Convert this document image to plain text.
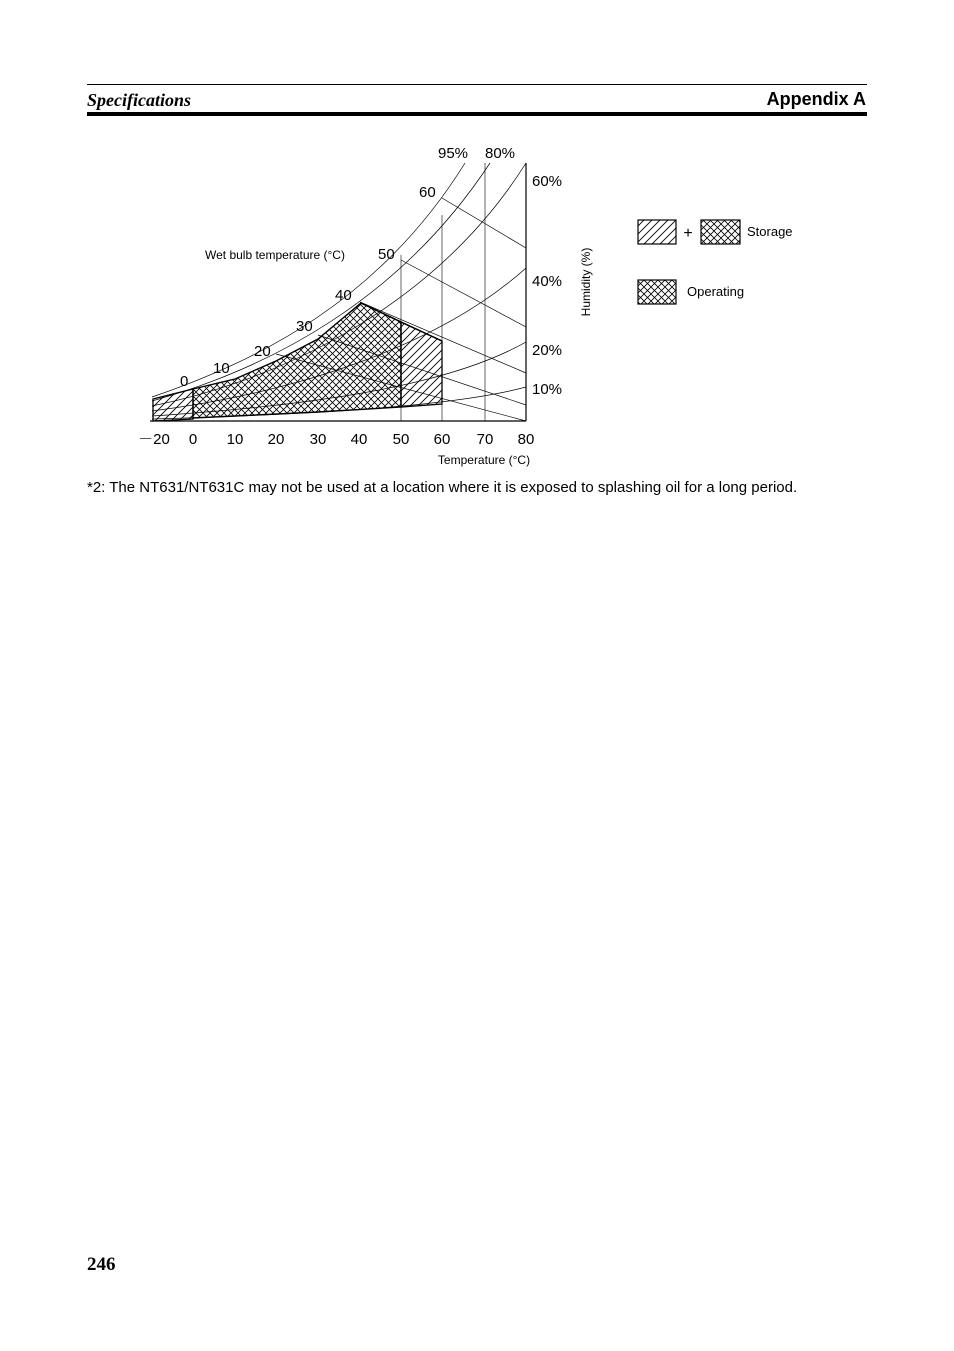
Specifications	Appendix A
－20 0 10 20 30 40 50 60 70 80
Temperature (°C)
95% 80%
60%
40%
20%
10%
Humidity (%)
0
10
20
30
40
50
60
Wet bulb temperature (°C)
+	Storage
Operating
*2: The NT631/NT631C may not be used at a location where it is exposed to splashing oil for a long period.
246
